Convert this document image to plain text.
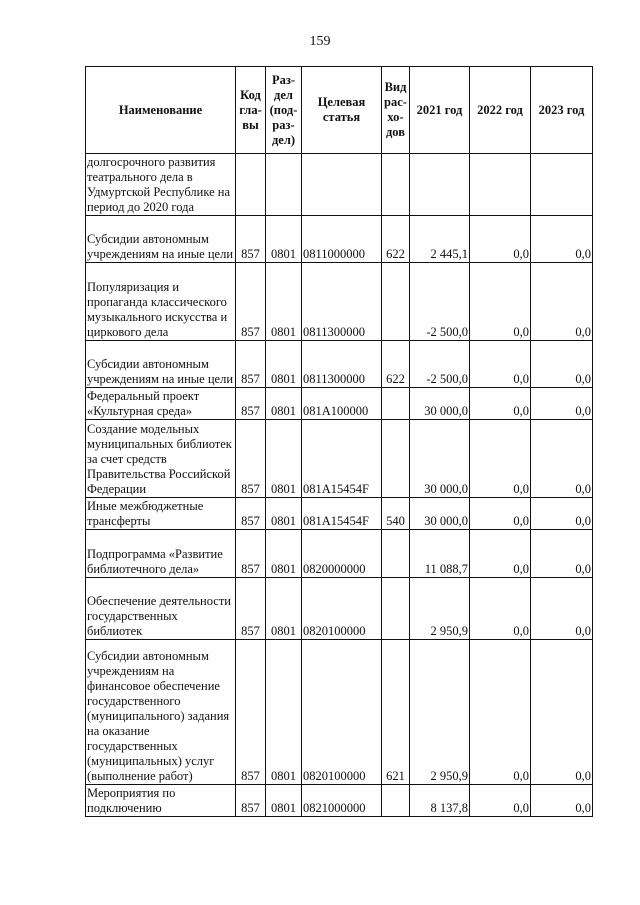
159
Наименование	Код гла- вы	Раз- дел (под- раз- дел)	Целевая статья	Вид рас- хо- дов	2021 год	2022 год	2023 год
долгосрочного развития театрального дела в Удмуртской Республике на период до 2020 года							
Субсидии автономным учреждениям на иные цели	857	0801	0811000000	622	2 445,1	0,0	0,0
Популяризация и пропаганда классического музыкального искусства и циркового дела	857	0801	0811300000		-2 500,0	0,0	0,0
Субсидии автономным учреждениям на иные цели	857	0801	0811300000	622	-2 500,0	0,0	0,0
Федеральный проект «Культурная среда»	857	0801	081A100000		30 000,0	0,0	0,0
Создание модельных муниципальных библиотек за счет средств Правительства Российской Федерации	857	0801	081A15454F		30 000,0	0,0	0,0
Иные межбюджетные трансферты	857	0801	081A15454F	540	30 000,0	0,0	0,0
Подпрограмма «Развитие библиотечного дела»	857	0801	0820000000		11 088,7	0,0	0,0
Обеспечение деятельности государственных библиотек	857	0801	0820100000		2 950,9	0,0	0,0
Субсидии автономным учреждениям на финансовое обеспечение государственного (муниципального) задания на оказание государственных (муниципальных) услуг (выполнение работ)	857	0801	0820100000	621	2 950,9	0,0	0,0
Мероприятия по подключению	857	0801	0821000000		8 137,8	0,0	0,0
